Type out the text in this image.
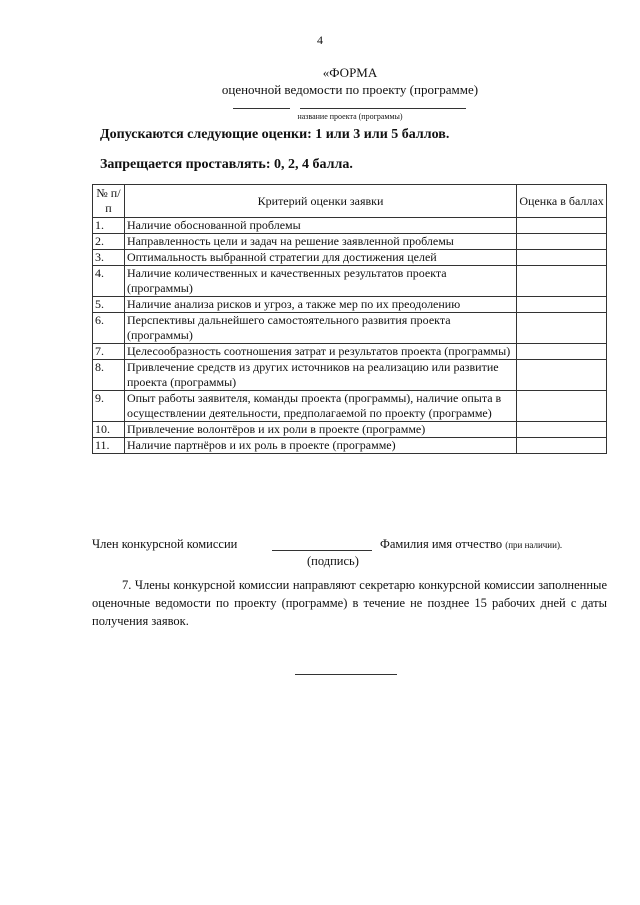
4
«ФОРМА
оценочной ведомости по проекту (программе)
название проекта (программы)
Допускаются следующие оценки: 1 или 3 или 5 баллов.
Запрещается проставлять: 0, 2, 4 балла.
№ п/п	Критерий оценки заявки	Оценка в баллах
1.	Наличие обоснованной проблемы	
2.	Направленность цели и задач на решение заявленной проблемы	
3.	Оптимальность выбранной стратегии для достижения целей	
4.	Наличие количественных и качественных результатов проекта (программы)	
5.	Наличие анализа рисков и угроз, а также мер по их преодолению	
6.	Перспективы дальнейшего самостоятельного развития проекта (программы)	
7.	Целесообразность соотношения затрат и результатов проекта (программы)	
8.	Привлечение средств из других источников на реализацию или развитие проекта (программы)	
9.	Опыт работы заявителя, команды проекта (программы), наличие опыта в осуществлении деятельности, предполагаемой по проекту (программе)	
10.	Привлечение волонтёров и их роли в проекте (программе)	
11.	Наличие партнёров и их роль в проекте (программе)	
Член конкурсной комиссии	Фамилия имя отчество (при наличии).
(подпись)
7. Члены конкурсной комиссии направляют секретарю конкурсной комиссии заполненные оценочные ведомости по проекту (программе) в течение не позднее 15 рабочих дней с даты получения заявок.
